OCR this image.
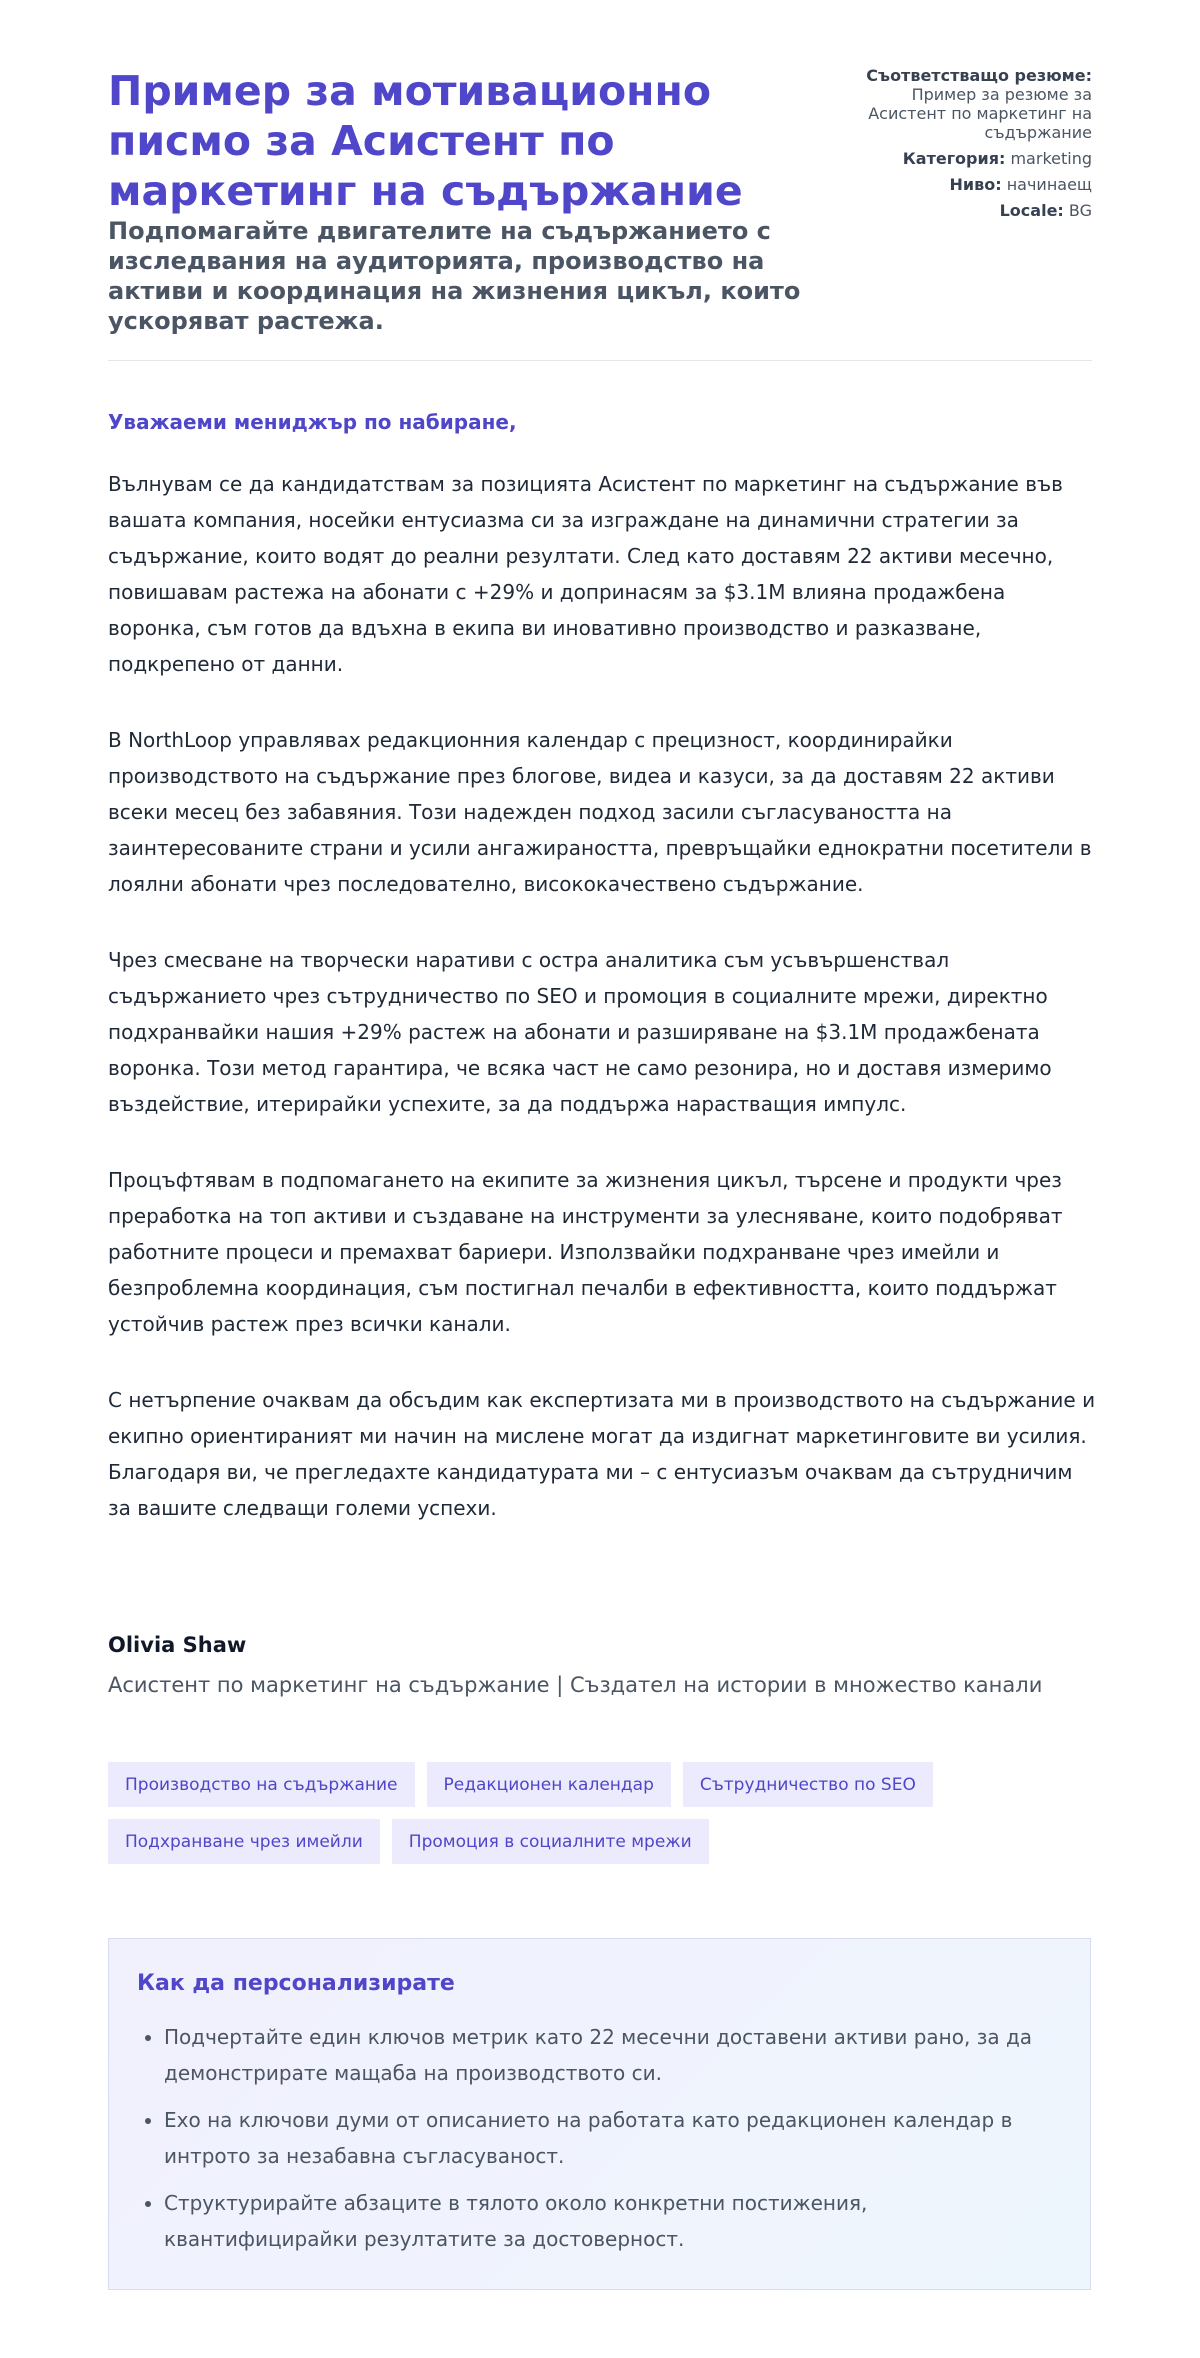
Пример за мотивационно писмо за Асистент по маркетинг на съдържание

Подпомагайте двигателите на съдържанието с изследвания на аудиторията, производство на активи и координация на жизнения цикъл, които ускоряват растежа.

Съответстващо резюме: Пример за резюме за Асистент по маркетинг на съдържание
Категория: marketing
Ниво: начинаещ
Locale: BG
Уважаеми мениджър по набиране,

Вълнувам се да кандидатствам за позицията Асистент по маркетинг на съдържание във вашата компания, носейки ентусиазма си за изграждане на динамични стратегии за съдържание, които водят до реални резултати. След като доставям 22 активи месечно, повишавам растежа на абонати с +29% и допринасям за $3.1M влияна продажбена воронка, съм готов да вдъхна в екипа ви иновативно производство и разказване, подкрепено от данни.

В NorthLoop управлявах редакционния календар с прецизност, координирайки производството на съдържание през блогове, видеа и казуси, за да доставям 22 активи всеки месец без забавяния. Този надежден подход засили съгласуваността на заинтересованите страни и усили ангажираността, превръщайки еднократни посетители в лоялни абонати чрез последователно, висококачествено съдържание.

Чрез смесване на творчески наративи с остра аналитика съм усъвършенствал съдържанието чрез сътрудничество по SEO и промоция в социалните мрежи, директно подхранвайки нашия +29% растеж на абонати и разширяване на $3.1M продажбената воронка. Този метод гарантира, че всяка част не само резонира, но и доставя измеримо въздействие, итерирайки успехите, за да поддържа нарастващия импулс.

Процъфтявам в подпомагането на екипите за жизнения цикъл, търсене и продукти чрез преработка на топ активи и създаване на инструменти за улесняване, които подобряват работните процеси и премахват бариери. Използвайки подхранване чрез имейли и безпроблемна координация, съм постигнал печалби в ефективността, които поддържат устойчив растеж през всички канали.

С нетърпение очаквам да обсъдим как експертизата ми в производството на съдържание и екипно ориентираният ми начин на мислене могат да издигнат маркетинговите ви усилия. Благодаря ви, че прегледахте кандидатурата ми – с ентусиазъм очаквам да сътрудничим за вашите следващи големи успехи.

Olivia Shaw

Асистент по маркетинг на съдържание | Създател на истории в множество канали

Производство на съдържание	Редакционен календар	Сътрудничество по SEO
Подхранване чрез имейли	Промоция в социалните мрежи
Как да персонализирате
• Подчертайте един ключов метрик като 22 месечни доставени активи рано, за да демонстрирате мащаба на производството си.
• Ехо на ключови думи от описанието на работата като редакционен календар в интрото за незабавна съгласуваност.
• Структурирайте абзаците в тялото около конкретни постижения, квантифицирайки резултатите за достоверност.
